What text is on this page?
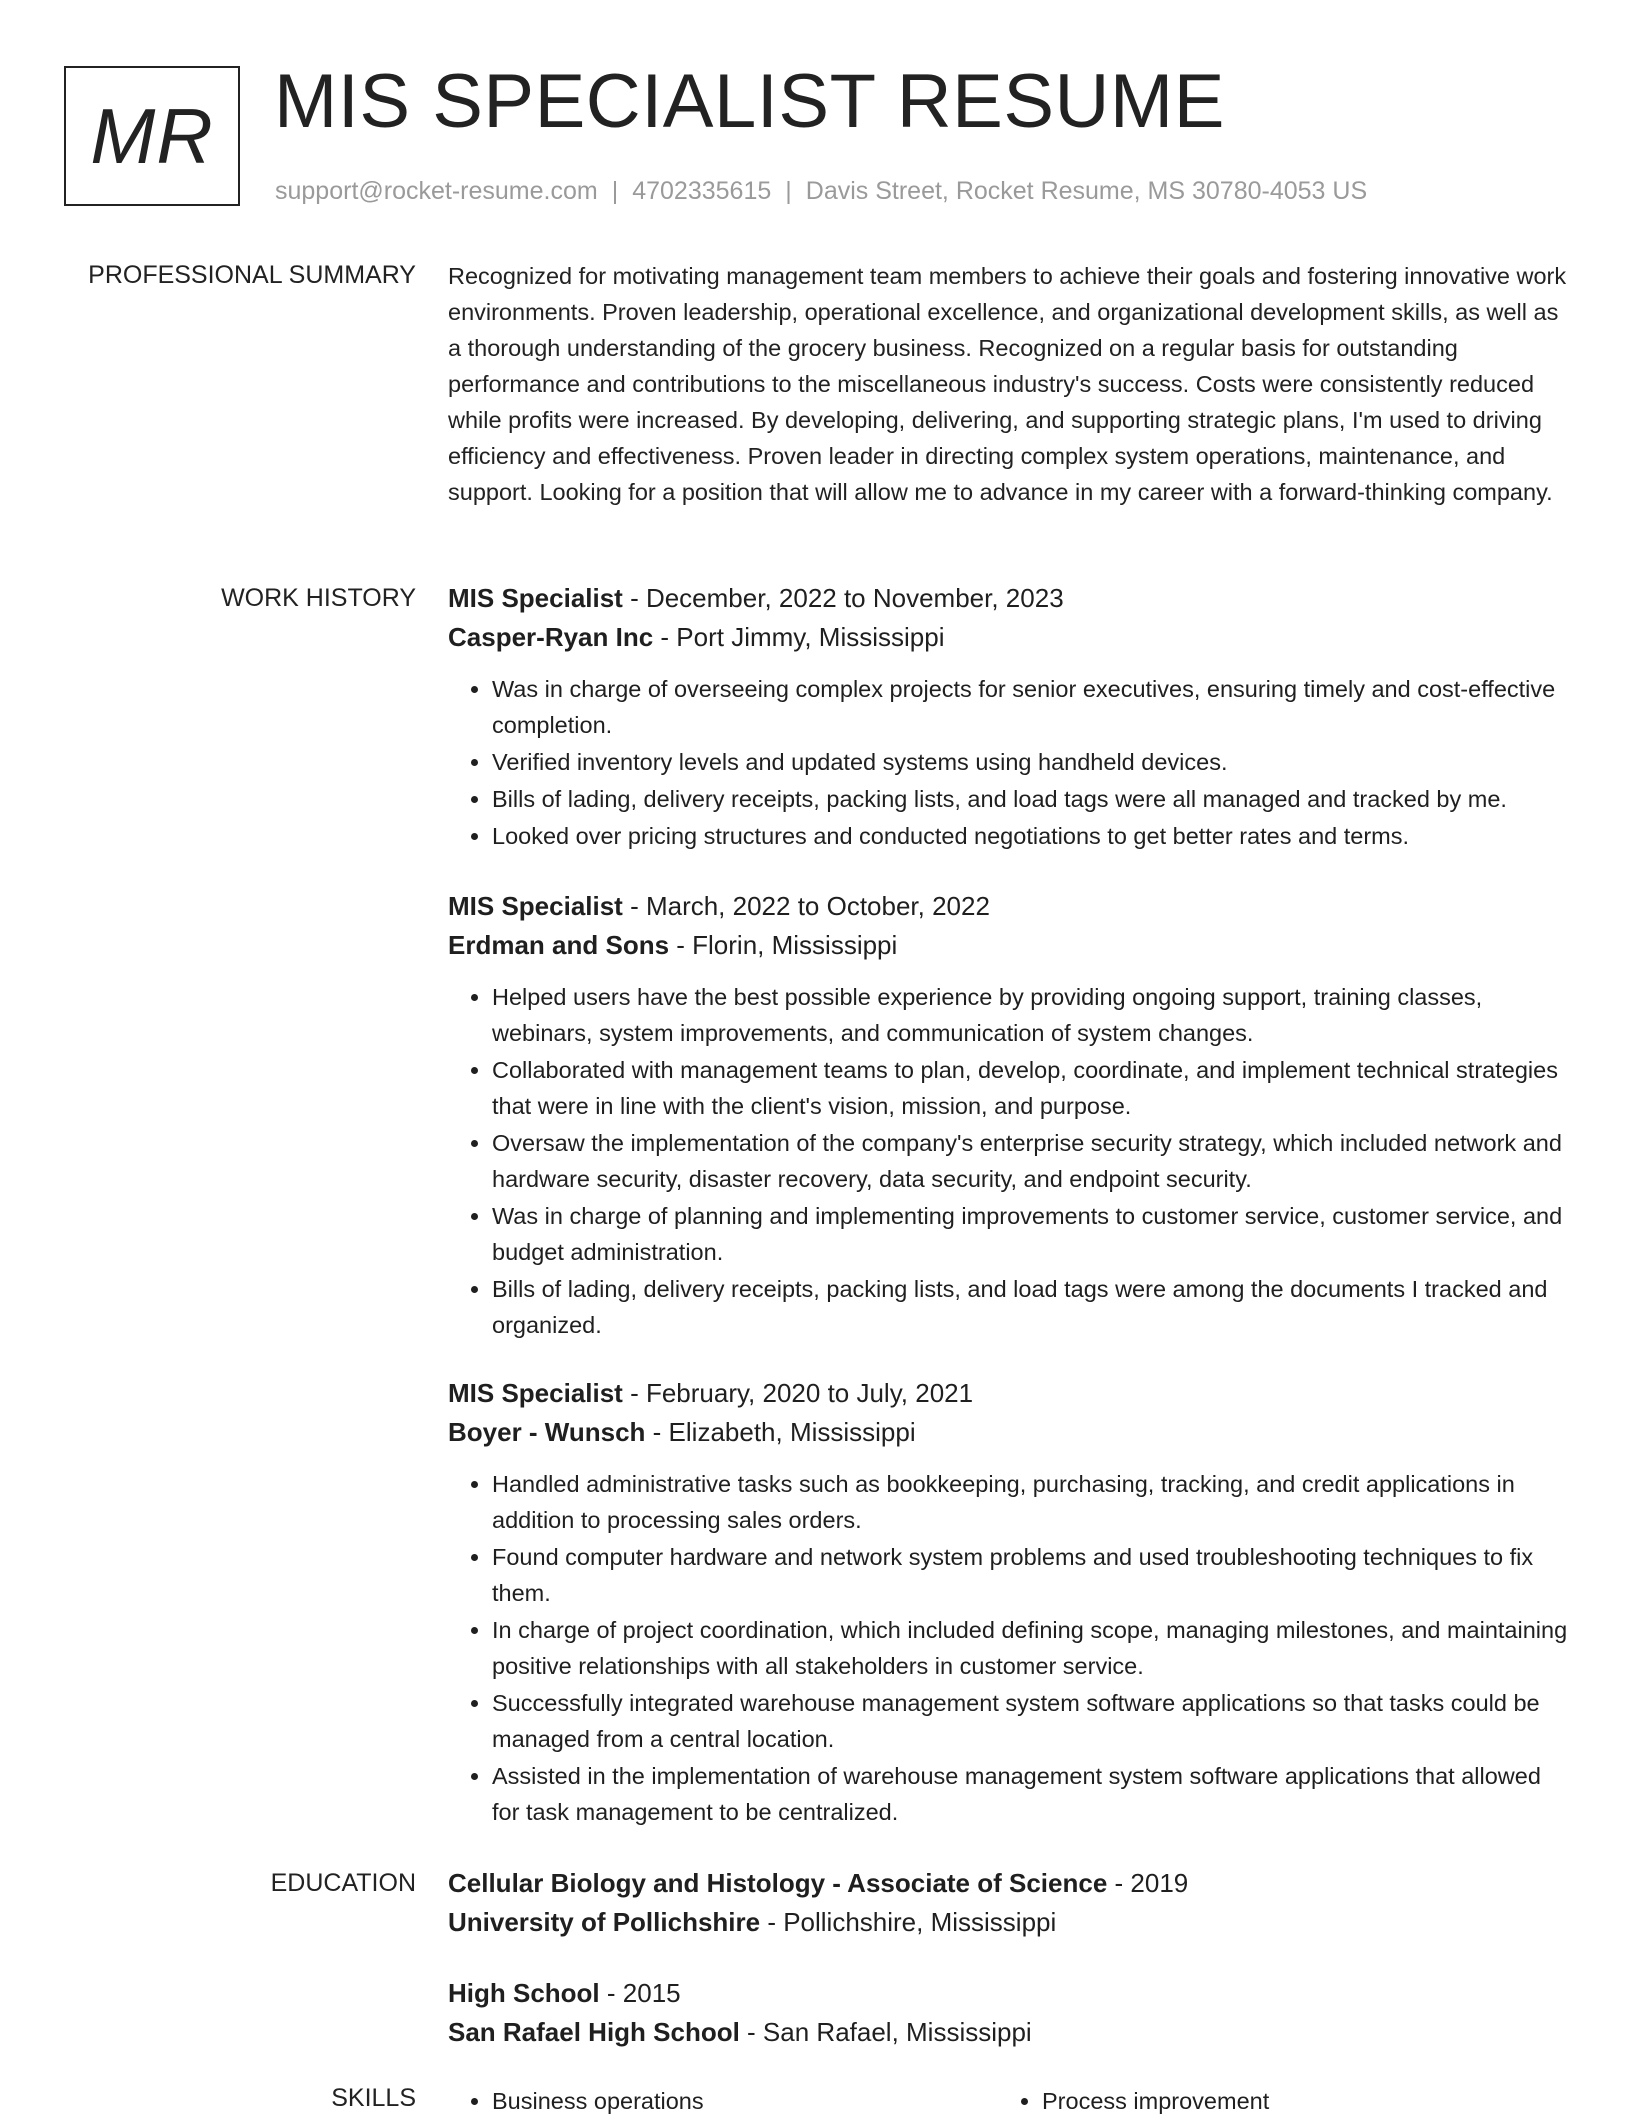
MR MIS SPECIALIST RESUME
support@rocket-resume.com | 4702335615 | Davis Street, Rocket Resume, MS 30780-4053 US
PROFESSIONAL SUMMARY Recognized for motivating management team members to achieve their goals and fostering innovative work environments. Proven leadership, operational excellence, and organizational development skills, as well as a thorough understanding of the grocery business. Recognized on a regular basis for outstanding performance and contributions to the miscellaneous industry's success. Costs were consistently reduced while profits were increased. By developing, delivering, and supporting strategic plans, I'm used to driving efficiency and effectiveness. Proven leader in directing complex system operations, maintenance, and support. Looking for a position that will allow me to advance in my career with a forward-thinking company.

WORK HISTORY MIS Specialist - December, 2022 to November, 2023
Casper-Ryan Inc - Port Jimmy, Mississippi
• Was in charge of overseeing complex projects for senior executives, ensuring timely and cost-effective completion.
• Verified inventory levels and updated systems using handheld devices.
• Bills of lading, delivery receipts, packing lists, and load tags were all managed and tracked by me.
• Looked over pricing structures and conducted negotiations to get better rates and terms.
MIS Specialist - March, 2022 to October, 2022
Erdman and Sons - Florin, Mississippi
• Helped users have the best possible experience by providing ongoing support, training classes, webinars, system improvements, and communication of system changes.
• Collaborated with management teams to plan, develop, coordinate, and implement technical strategies that were in line with the client's vision, mission, and purpose.
• Oversaw the implementation of the company's enterprise security strategy, which included network and hardware security, disaster recovery, data security, and endpoint security.
• Was in charge of planning and implementing improvements to customer service, customer service, and budget administration.
• Bills of lading, delivery receipts, packing lists, and load tags were among the documents I tracked and organized.
MIS Specialist - February, 2020 to July, 2021
Boyer - Wunsch - Elizabeth, Mississippi
• Handled administrative tasks such as bookkeeping, purchasing, tracking, and credit applications in addition to processing sales orders.
• Found computer hardware and network system problems and used troubleshooting techniques to fix them.
• In charge of project coordination, which included defining scope, managing milestones, and maintaining positive relationships with all stakeholders in customer service.
• Successfully integrated warehouse management system software applications so that tasks could be managed from a central location.
• Assisted in the implementation of warehouse management system software applications that allowed for task management to be centralized.
EDUCATION Cellular Biology and Histology - Associate of Science - 2019
University of Pollichshire - Pollichshire, Mississippi
High School - 2015
San Rafael High School - San Rafael, Mississippi
SKILLS	• Business operations	• Process improvement
